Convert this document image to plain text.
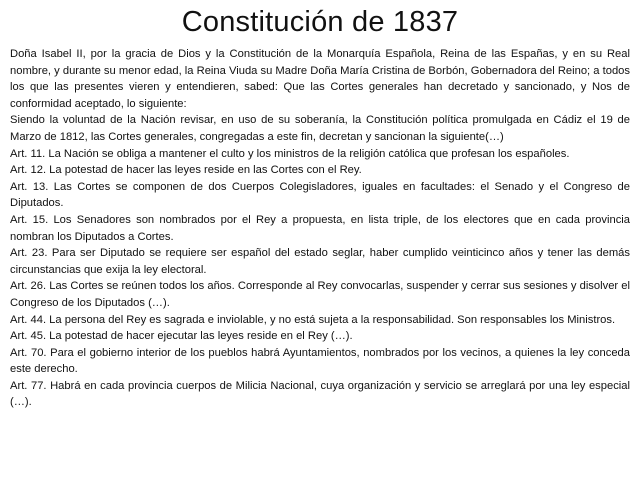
Constitución de 1837

Doña Isabel II, por la gracia de Dios y la Constitución de la Monarquía Española, Reina de las Españas, y en su Real nombre, y durante su menor edad, la Reina Viuda su Madre Doña María Cristina de Borbón, Gobernadora del Reino; a todos los que las presentes vieren y entendieren, sabed: Que las Cortes generales han decretado y sancionado, y Nos de conformidad aceptado, lo siguiente:

Siendo la voluntad de la Nación revisar, en uso de su soberanía, la Constitución política promulgada en Cádiz el 19 de Marzo de 1812, las Cortes generales, congregadas a este fin, decretan y sancionan la siguiente(…)

Art. 11. La Nación se obliga a mantener el culto y los ministros de la religión católica que profesan los españoles.

Art. 12. La potestad de hacer las leyes reside en las Cortes con el Rey.

Art. 13. Las Cortes se componen de dos Cuerpos Colegisladores, iguales en facultades: el Senado y el Congreso de Diputados.

Art. 15. Los Senadores son nombrados por el Rey a propuesta, en lista triple, de los electores que en cada provincia nombran los Diputados a Cortes.

Art. 23. Para ser Diputado se requiere ser español del estado seglar, haber cumplido veinticinco años y tener las demás circunstancias que exija la ley electoral.

Art. 26. Las Cortes se reúnen todos los años. Corresponde al Rey convocarlas, suspender y cerrar sus sesiones y disolver el Congreso de los Diputados (…).

Art. 44. La persona del Rey es sagrada e inviolable, y no está sujeta a la responsabilidad. Son responsables los Ministros.

Art. 45. La potestad de hacer ejecutar las leyes reside en el Rey (…).

Art. 70. Para el gobierno interior de los pueblos habrá Ayuntamientos, nombrados por los vecinos, a quienes la ley conceda este derecho.

Art. 77. Habrá en cada provincia cuerpos de Milicia Nacional, cuya organización y servicio se arreglará por una ley especial (…).
